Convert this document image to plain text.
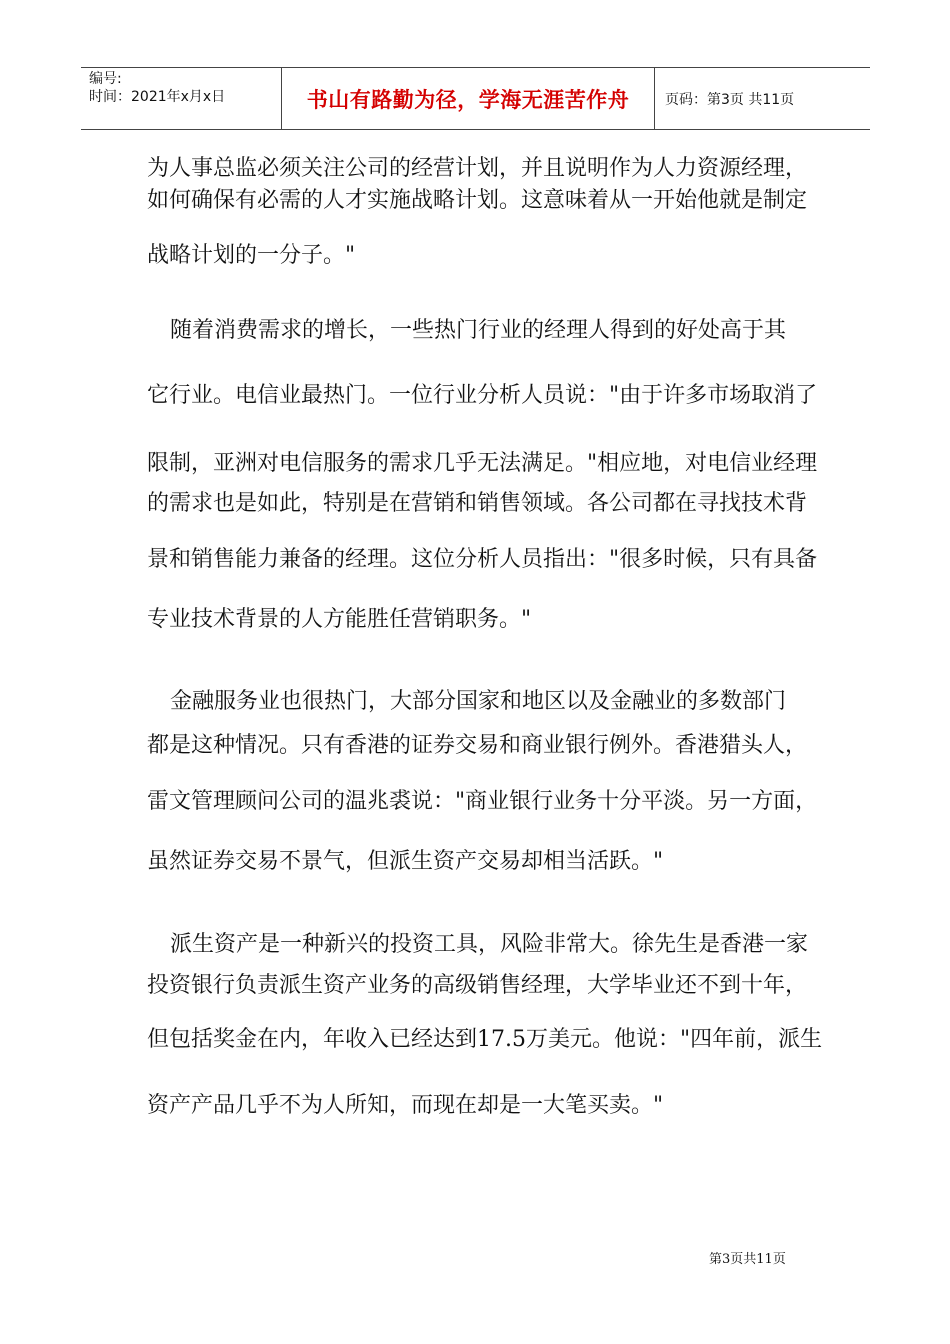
编号:
时间：2021年x月x日	书山有路勤为径，学海无涯苦作舟	页码：第3页 共11页
为人事总监必须关注公司的经营计划，并且说明作为人力资源经理，
如何确保有必需的人才实施战略计划。这意味着从一开始他就是制定
战略计划的一分子。"
随着消费需求的增长，一些热门行业的经理人得到的好处高于其
它行业。电信业最热门。一位行业分析人员说："由于许多市场取消了
限制，亚洲对电信服务的需求几乎无法满足。"相应地，对电信业经理
的需求也是如此，特别是在营销和销售领域。各公司都在寻找技术背
景和销售能力兼备的经理。这位分析人员指出："很多时候，只有具备
专业技术背景的人方能胜任营销职务。"
金融服务业也很热门，大部分国家和地区以及金融业的多数部门
都是这种情况。只有香港的证券交易和商业银行例外。香港猎头人，
雷文管理顾问公司的温兆裘说："商业银行业务十分平淡。另一方面，
虽然证券交易不景气，但派生资产交易却相当活跃。"
派生资产是一种新兴的投资工具，风险非常大。徐先生是香港一家
投资银行负责派生资产业务的高级销售经理，大学毕业还不到十年，
但包括奖金在内，年收入已经达到17.5万美元。他说："四年前，派生
资产产品几乎不为人所知，而现在却是一大笔买卖。"
第3页共11页
